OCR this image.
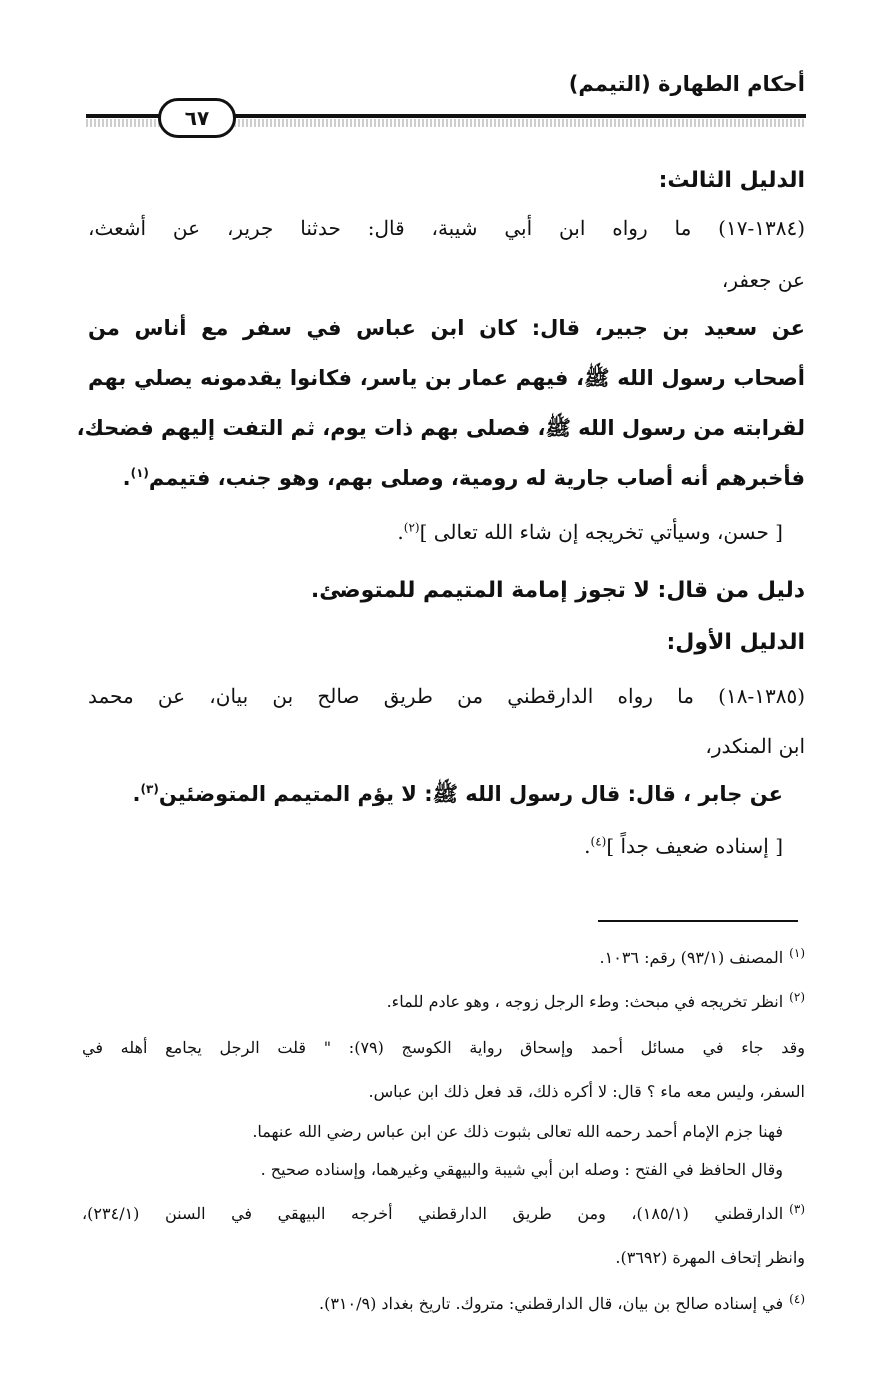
أحكام الطهارة (التيمم)
٦٧
الدليل الثالث:
(١٣٨٤-١٧) ما رواه ابن أبي شيبة، قال: حدثنا جرير، عن أشعث،
عن جعفر،
عن سعيد بن جبير، قال: كان ابن عباس في سفر مع أناس من
أصحاب رسول الله ﷺ، فيهم عمار بن ياسر، فكانوا يقدمونه يصلي بهم
لقرابته من رسول الله ﷺ، فصلى بهم ذات يوم، ثم التفت إليهم فضحك،
فأخبرهم أنه أصاب جارية له رومية، وصلى بهم، وهو جنب، فتيمم$^{(١)}$.
[ حسن، وسيأتي تخريجه إن شاء الله تعالى ]$^{(٢)}$.
دليل من قال: لا تجوز إمامة المتيمم للمتوضئ.
الدليل الأول:
(١٣٨٥-١٨) ما رواه الدارقطني من طريق صالح بن بيان، عن محمد
ابن المنكدر،
عن جابر ، قال: قال رسول الله ﷺ: لا يؤم المتيمم المتوضئين$^{(٣)}$.
[ إسناده ضعيف جداً ]$^{(٤)}$.
$^{(١)}$المصنف (٩٣/١) رقم: ١٠٣٦.
$^{(٢)}$انظر تخريجه في مبحث: وطء الرجل زوجه ، وهو عادم للماء.
وقد جاء في مسائل أحمد وإسحاق رواية الكوسج (٧٩): " قلت الرجل يجامع أهله في
السفر، وليس معه ماء ؟ قال: لا أكره ذلك، قد فعل ذلك ابن عباس.
فهنا جزم الإمام أحمد رحمه الله تعالى بثبوت ذلك عن ابن عباس رضي الله عنهما.
وقال الحافظ في الفتح : وصله ابن أبي شيبة والبيهقي وغيرهما، وإسناده صحيح .
$^{(٣)}$الدارقطني (١٨٥/١)، ومن طريق الدارقطني أخرجه البيهقي في السنن (٢٣٤/١)،
وانظر إتحاف المهرة (٣٦٩٢).
$^{(٤)}$في إسناده صالح بن بيان، قال الدارقطني: متروك. تاريخ بغداد (٣١٠/٩).
